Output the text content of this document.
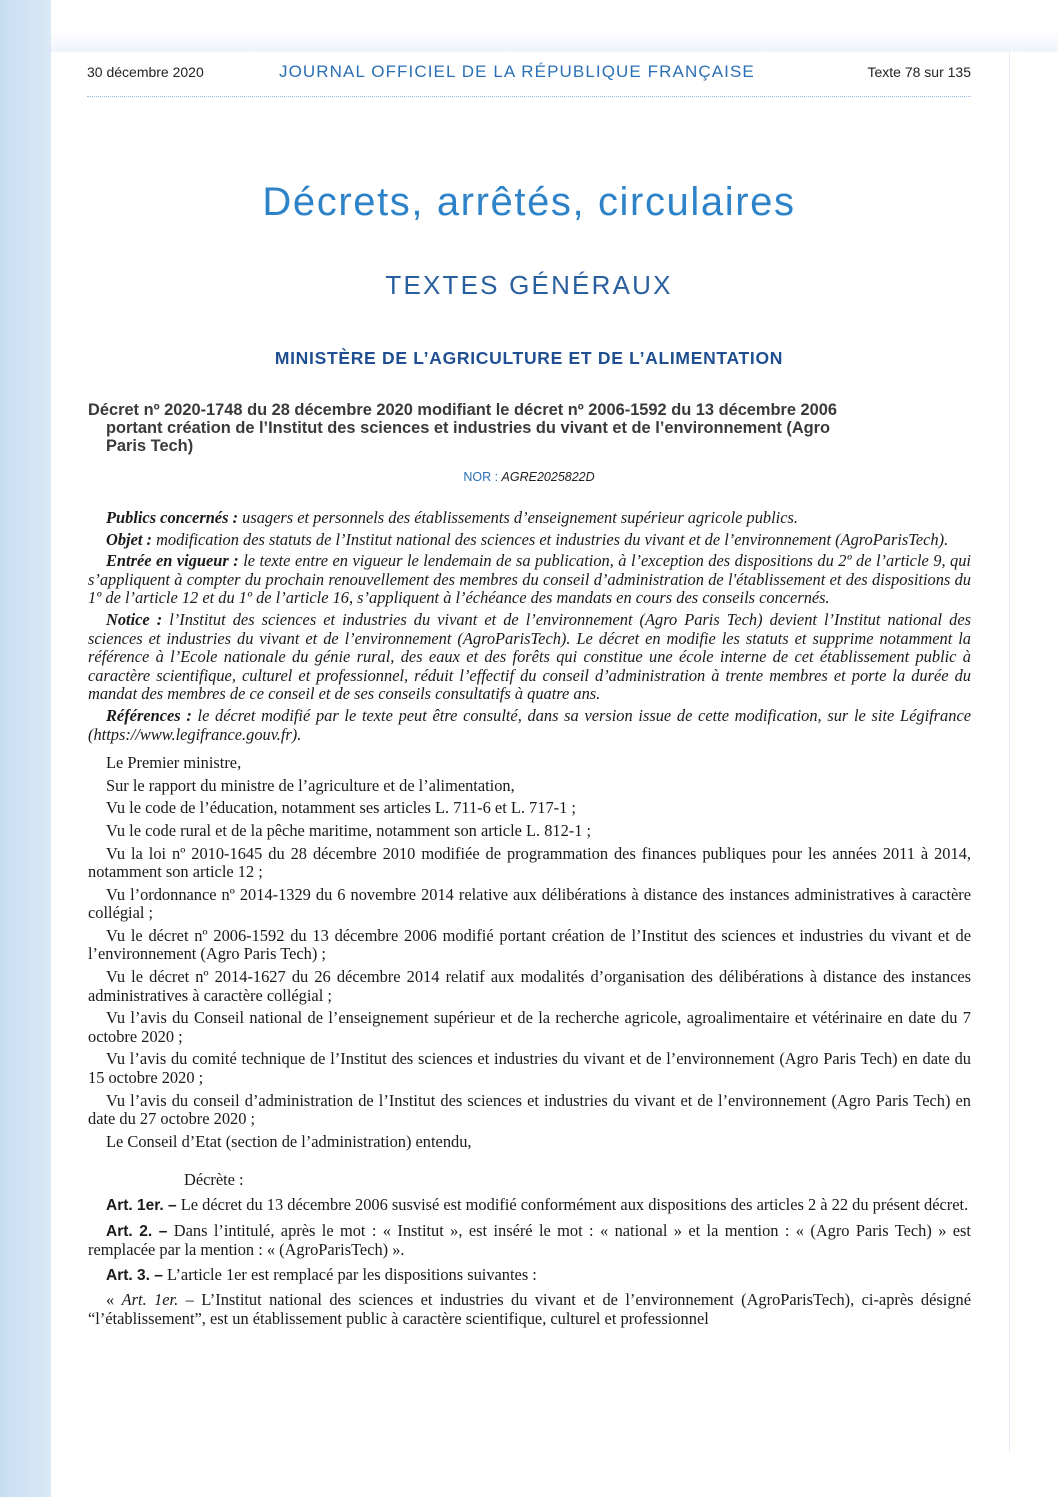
30 décembre 2020	JOURNAL OFFICIEL DE LA RÉPUBLIQUE FRANÇAISE	Texte 78 sur 135
Décrets, arrêtés, circulaires
TEXTES GÉNÉRAUX
MINISTÈRE DE L’AGRICULTURE ET DE L’ALIMENTATION
Décret nº 2020-1748 du 28 décembre 2020 modifiant le décret nº 2006-1592 du 13 décembre 2006
portant création de l’Institut des sciences et industries du vivant et de l’environnement (Agro
Paris Tech)
NOR : AGRE2025822D

Publics concernés : usagers et personnels des établissements d’enseignement supérieur agricole publics.

Objet : modification des statuts de l’Institut national des sciences et industries du vivant et de l’environnement (AgroParisTech).

Entrée en vigueur : le texte entre en vigueur le lendemain de sa publication, à l’exception des dispositions du 2º de l’article 9, qui s’appliquent à compter du prochain renouvellement des membres du conseil d’administration de l'établissement et des dispositions du 1º de l’article 12 et du 1º de l’article 16, s’appliquent à l’échéance des mandats en cours des conseils concernés.

Notice : l’Institut des sciences et industries du vivant et de l’environnement (Agro Paris Tech) devient l’Institut national des sciences et industries du vivant et de l’environnement (AgroParisTech). Le décret en modifie les statuts et supprime notamment la référence à l’Ecole nationale du génie rural, des eaux et des forêts qui constitue une école interne de cet établissement public à caractère scientifique, culturel et professionnel, réduit l’effectif du conseil d’administration à trente membres et porte la durée du mandat des membres de ce conseil et de ses conseils consultatifs à quatre ans.

Références : le décret modifié par le texte peut être consulté, dans sa version issue de cette modification, sur le site Légifrance (https://www.legifrance.gouv.fr).

Le Premier ministre,

Sur le rapport du ministre de l’agriculture et de l’alimentation,

Vu le code de l’éducation, notamment ses articles L. 711-6 et L. 717-1 ;

Vu le code rural et de la pêche maritime, notamment son article L. 812-1 ;

Vu la loi nº 2010-1645 du 28 décembre 2010 modifiée de programmation des finances publiques pour les années 2011 à 2014, notamment son article 12 ;

Vu l’ordonnance nº 2014-1329 du 6 novembre 2014 relative aux délibérations à distance des instances administratives à caractère collégial ;

Vu le décret nº 2006-1592 du 13 décembre 2006 modifié portant création de l’Institut des sciences et industries du vivant et de l’environnement (Agro Paris Tech) ;

Vu le décret nº 2014-1627 du 26 décembre 2014 relatif aux modalités d’organisation des délibérations à distance des instances administratives à caractère collégial ;

Vu l’avis du Conseil national de l’enseignement supérieur et de la recherche agricole, agroalimentaire et vétérinaire en date du 7 octobre 2020 ;

Vu l’avis du comité technique de l’Institut des sciences et industries du vivant et de l’environnement (Agro Paris Tech) en date du 15 octobre 2020 ;

Vu l’avis du conseil d’administration de l’Institut des sciences et industries du vivant et de l’environnement (Agro Paris Tech) en date du 27 octobre 2020 ;

Le Conseil d’Etat (section de l’administration) entendu,

Décrète :

Art. 1er. – Le décret du 13 décembre 2006 susvisé est modifié conformément aux dispositions des articles 2 à 22 du présent décret.

Art. 2. – Dans l’intitulé, après le mot : « Institut », est inséré le mot : « national » et la mention : « (Agro Paris Tech) » est remplacée par la mention : « (AgroParisTech) ».

Art. 3. – L’article 1er est remplacé par les dispositions suivantes :

« Art. 1er. – L’Institut national des sciences et industries du vivant et de l’environnement (AgroParisTech), ci-après désigné “l’établissement”, est un établissement public à caractère scientifique, culturel et professionnel
